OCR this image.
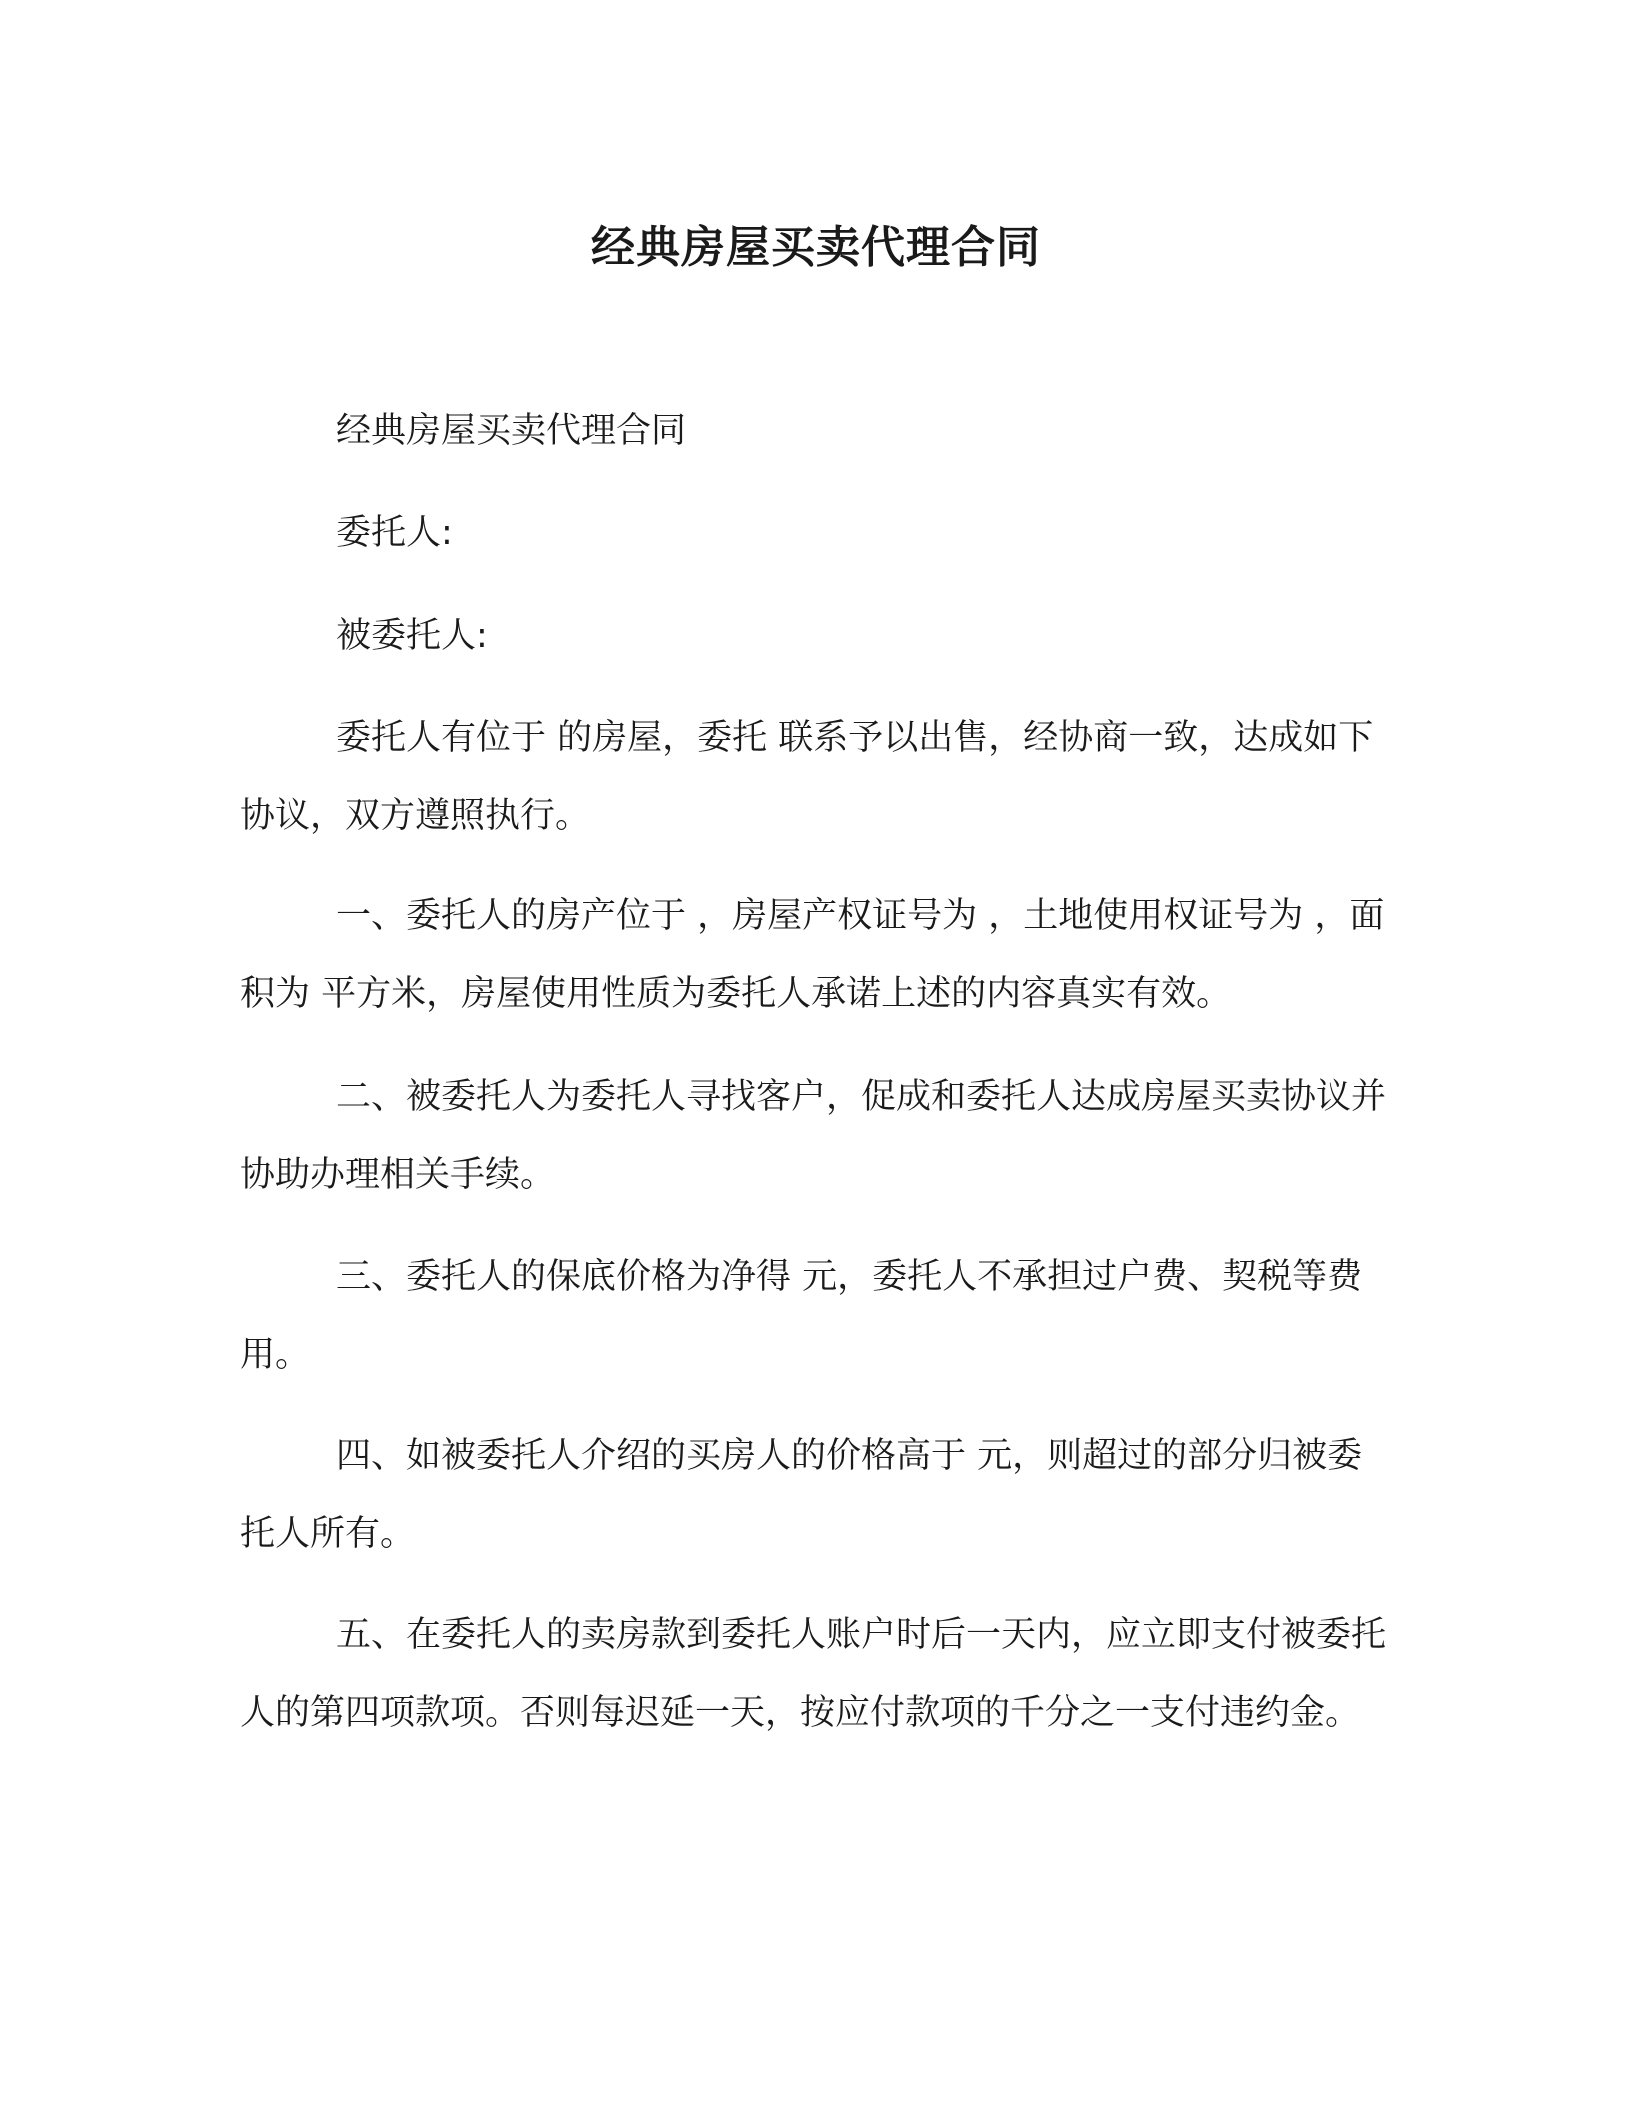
经典房屋买卖代理合同

经典房屋买卖代理合同

委托人:

被委托人:

委托人有位于 的房屋，委托 联系予以出售，经协商一致，达成如下协议，双方遵照执行。

一、委托人的房产位于 ，房屋产权证号为 ，土地使用权证号为 ，面积为 平方米，房屋使用性质为委托人承诺上述的内容真实有效。

二、被委托人为委托人寻找客户，促成和委托人达成房屋买卖协议并协助办理相关手续。

三、委托人的保底价格为净得 元，委托人不承担过户费、契税等费用。

四、如被委托人介绍的买房人的价格高于 元，则超过的部分归被委托人所有。

五、在委托人的卖房款到委托人账户时后一天内，应立即支付被委托人的第四项款项。否则每迟延一天，按应付款项的千分之一支付违约金。
